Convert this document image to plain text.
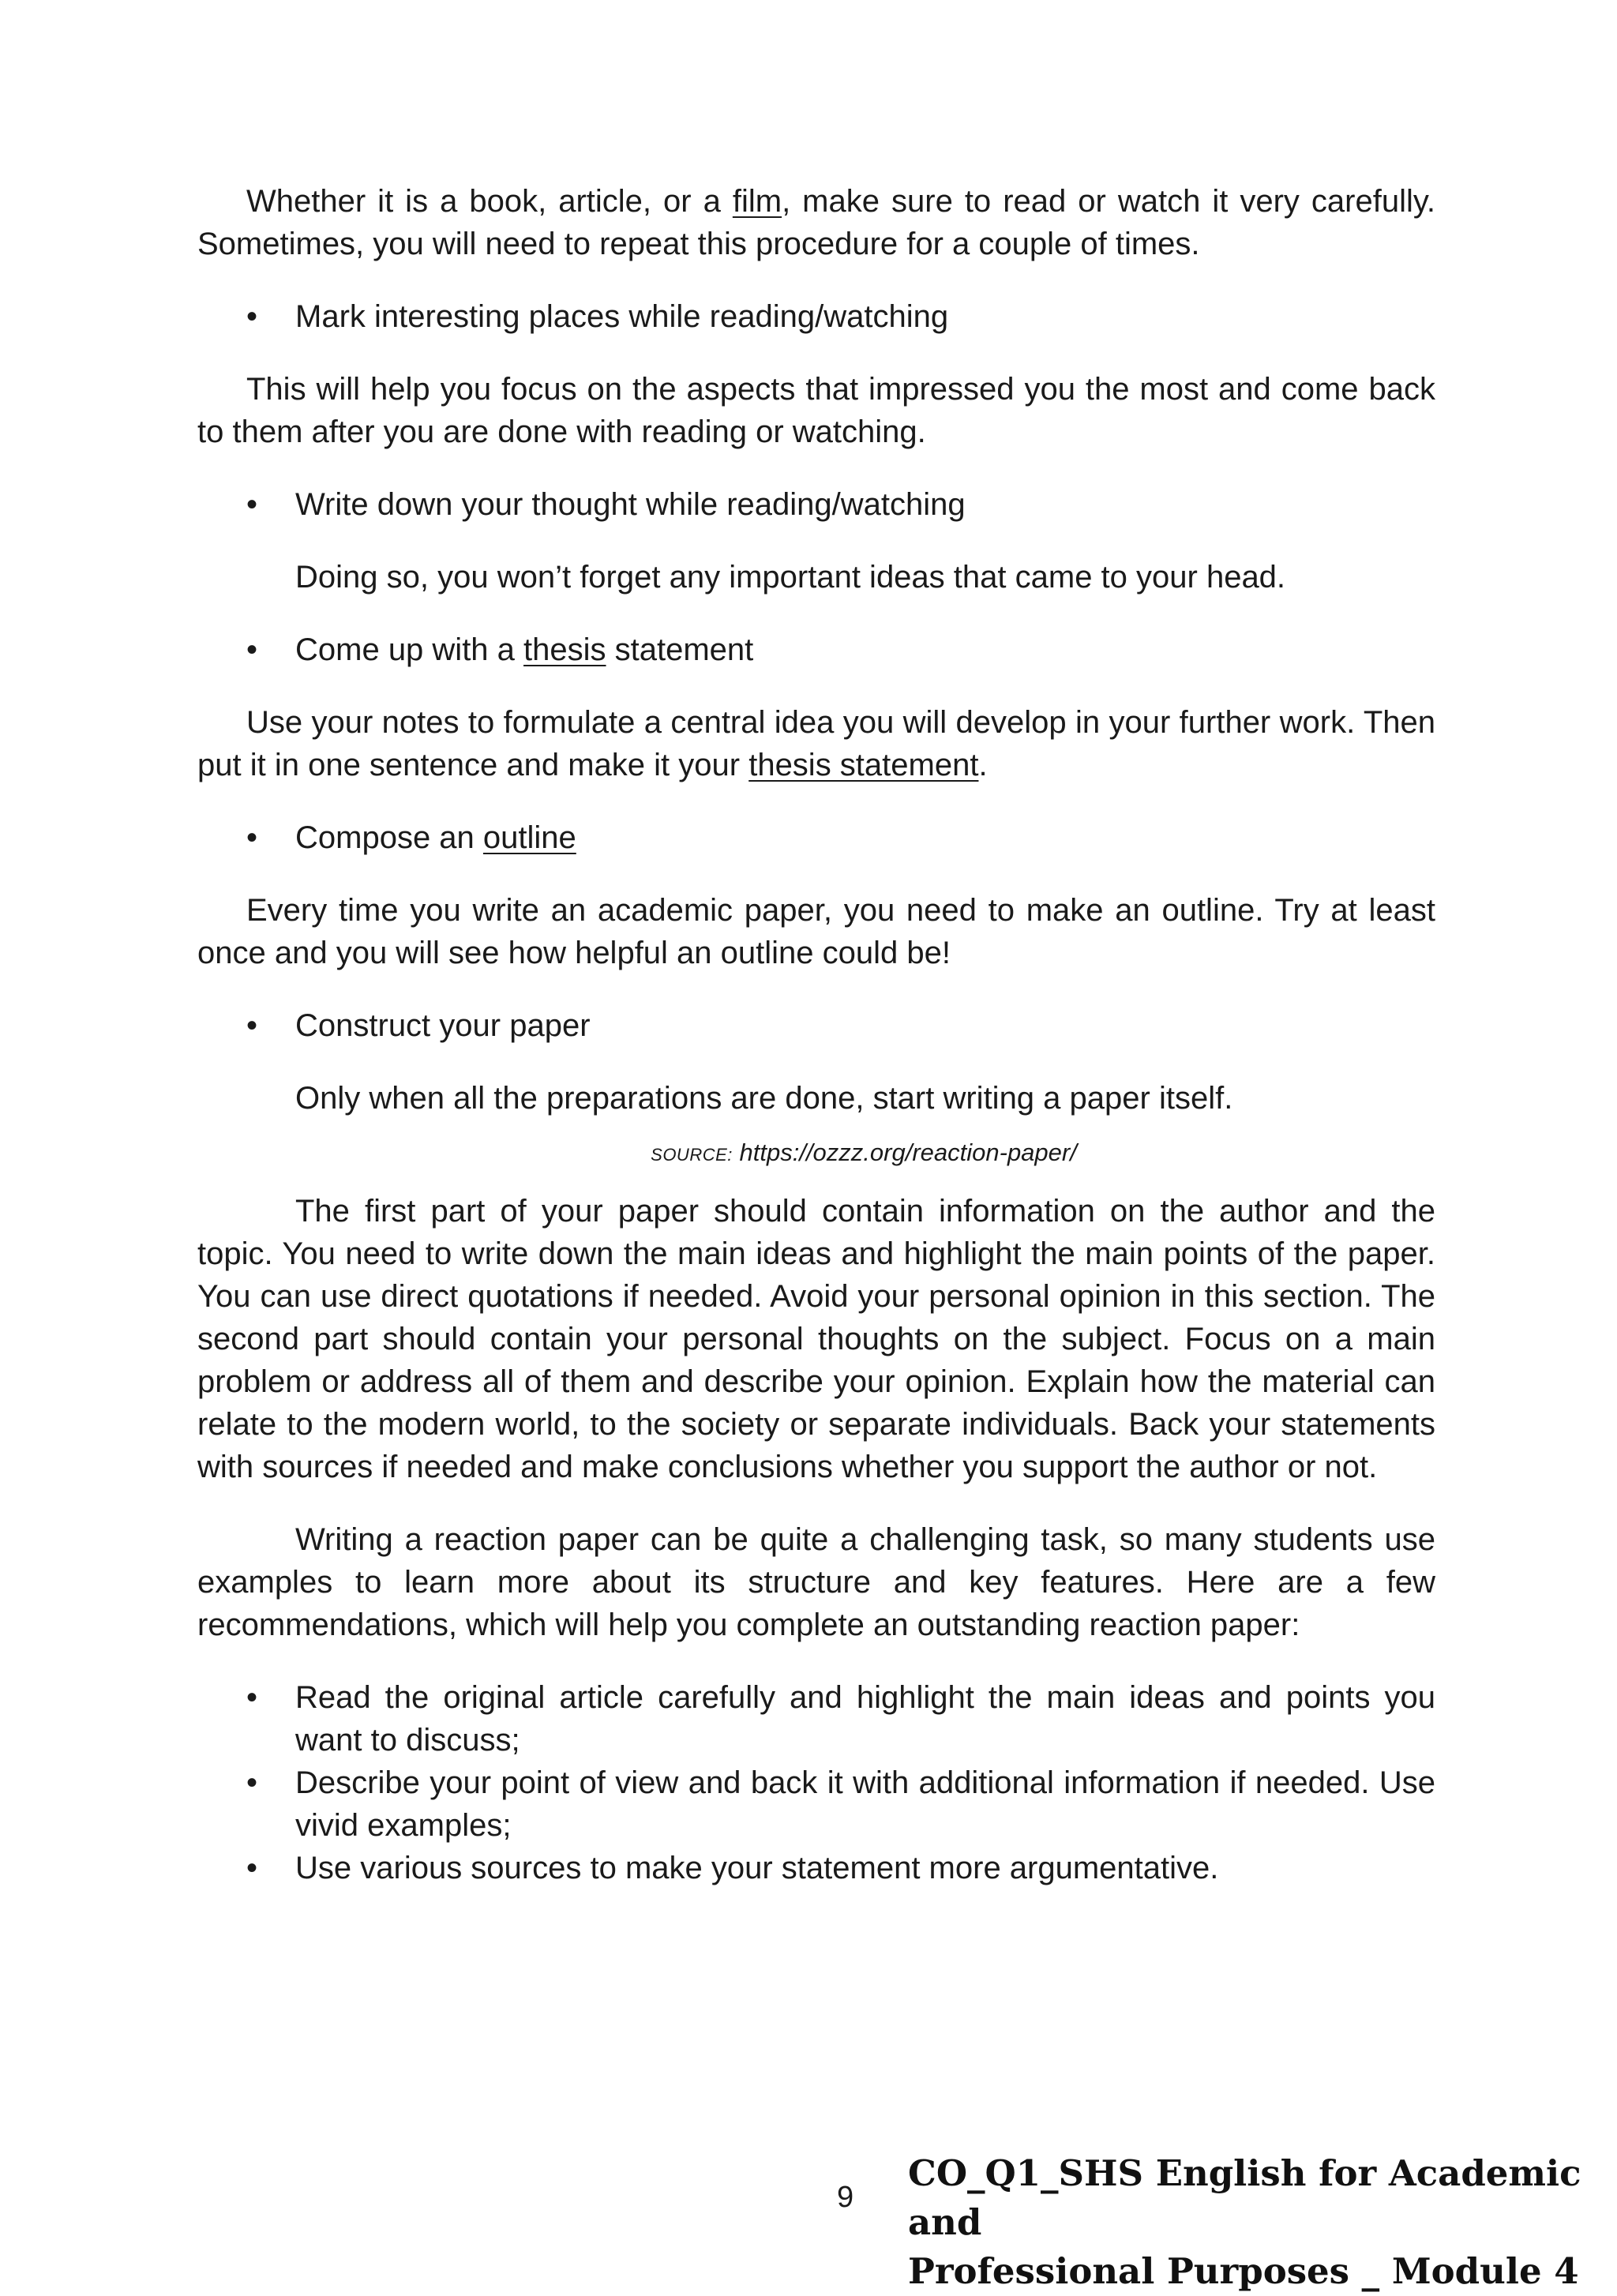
Whether it is a book, article, or a film, make sure to read or watch it very carefully. Sometimes, you will need to repeat this procedure for a couple of times.

• Mark interesting places while reading/watching

This will help you focus on the aspects that impressed you the most and come back to them after you are done with reading or watching.

• Write down your thought while reading/watching

Doing so, you won’t forget any important ideas that came to your head.

• Come up with a thesis statement

Use your notes to formulate a central idea you will develop in your further work. Then put it in one sentence and make it your thesis statement.

• Compose an outline

Every time you write an academic paper, you need to make an outline. Try at least once and you will see how helpful an outline could be!

• Construct your paper

Only when all the preparations are done, start writing a paper itself.

SOURCE: https://ozzz.org/reaction-paper/

The first part of your paper should contain information on the author and the topic. You need to write down the main ideas and highlight the main points of the paper. You can use direct quotations if needed. Avoid your personal opinion in this section. The second part should contain your personal thoughts on the subject. Focus on a main problem or address all of them and describe your opinion. Explain how the material can relate to the modern world, to the society or separate individuals. Back your statements with sources if needed and make conclusions whether you support the author or not.

Writing a reaction paper can be quite a challenging task, so many students use examples to learn more about its structure and key features. Here are a few recommendations, which will help you complete an outstanding reaction paper:

• Read the original article carefully and highlight the main ideas and points you want to discuss;

• Describe your point of view and back it with additional information if needed. Use vivid examples;

• Use various sources to make your statement more argumentative.

9
CO_Q1_SHS English for Academic and
Professional Purposes _ Module 4
